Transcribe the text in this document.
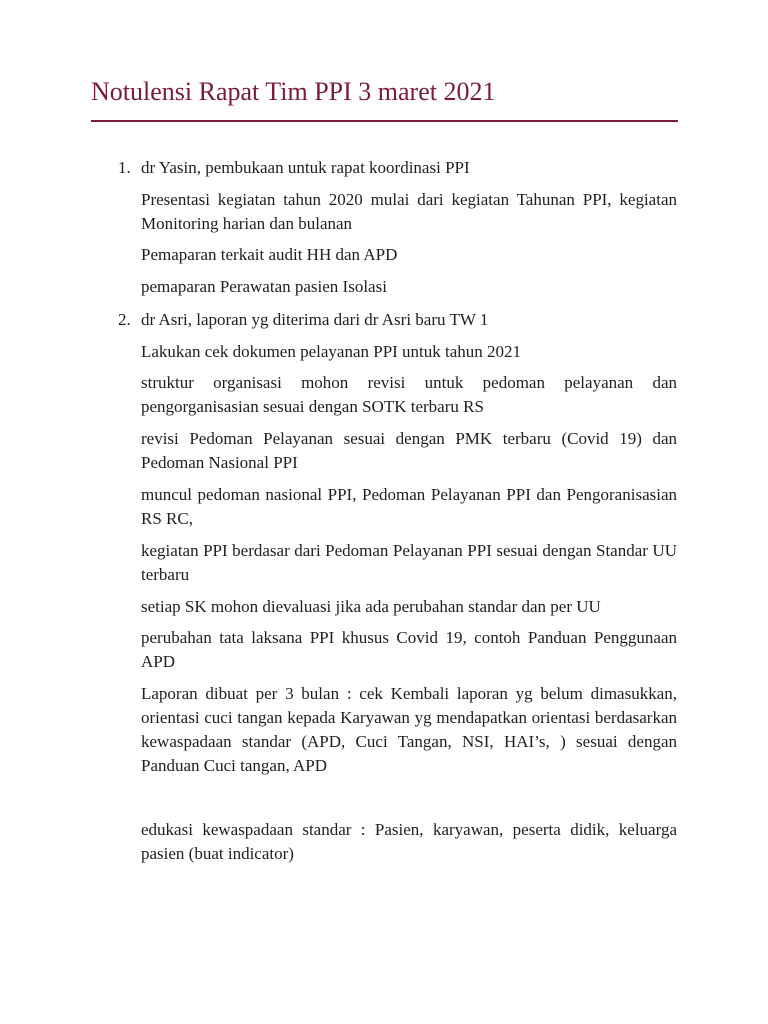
Notulensi Rapat Tim PPI 3 maret 2021
1. dr Yasin, pembukaan untuk rapat koordinasi PPI

Presentasi kegiatan tahun 2020 mulai dari kegiatan Tahunan PPI, kegiatan Monitoring harian dan bulanan

Pemaparan terkait audit HH dan APD

pemaparan Perawatan pasien Isolasi

2. dr Asri, laporan yg diterima dari dr Asri baru TW 1

Lakukan cek dokumen pelayanan PPI untuk tahun 2021

struktur organisasi mohon revisi untuk pedoman pelayanan dan pengorganisasian sesuai dengan SOTK terbaru RS

revisi Pedoman Pelayanan sesuai dengan PMK terbaru (Covid 19) dan Pedoman Nasional PPI

muncul pedoman nasional PPI, Pedoman Pelayanan PPI dan Pengoranisasian RS RC,

kegiatan PPI berdasar dari Pedoman Pelayanan PPI sesuai dengan Standar UU terbaru

setiap SK mohon dievaluasi jika ada perubahan standar dan per UU

perubahan tata laksana PPI khusus Covid 19, contoh Panduan Penggunaan APD

Laporan dibuat per 3 bulan : cek Kembali laporan yg belum dimasukkan, orientasi cuci tangan kepada Karyawan yg mendapatkan orientasi berdasarkan kewaspadaan standar (APD, Cuci Tangan, NSI, HAI’s, ) sesuai dengan Panduan Cuci tangan, APD

edukasi kewaspadaan standar : Pasien, karyawan, peserta didik, keluarga pasien (buat indicator)
